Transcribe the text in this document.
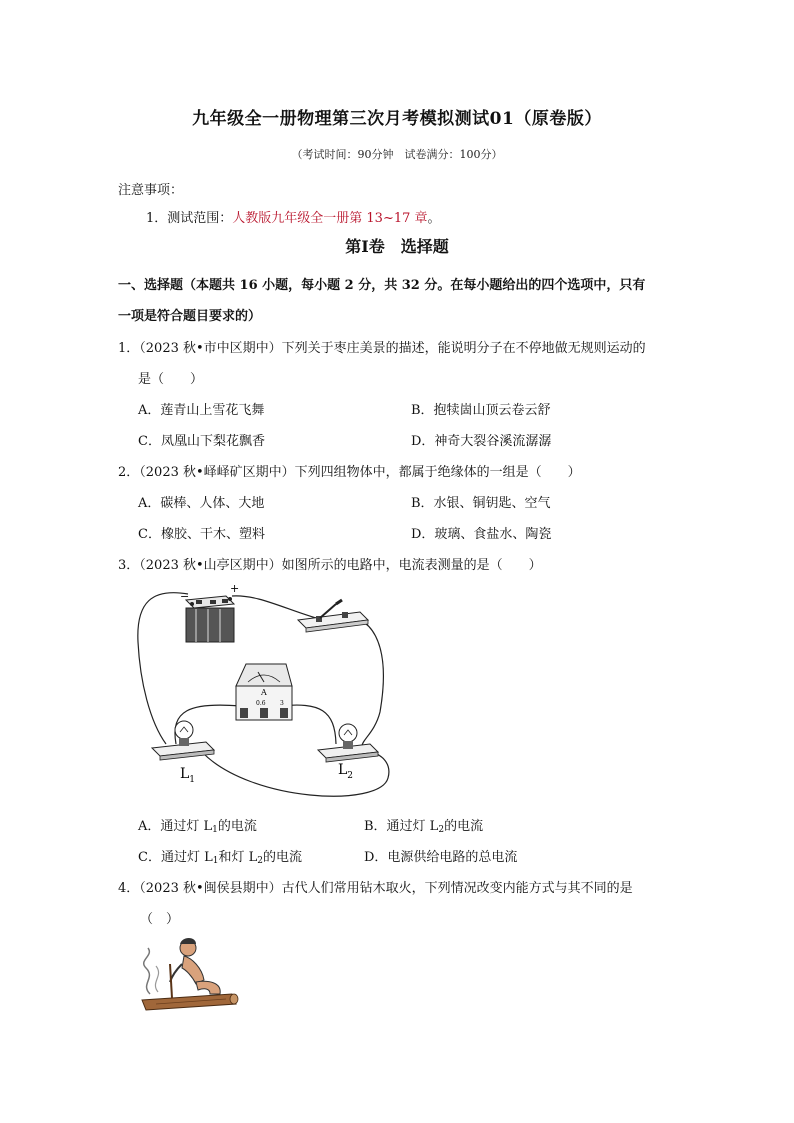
九年级全一册物理第三次月考模拟测试01（原卷版）
（考试时间：90分钟　试卷满分：100分）
注意事项：
1．测试范围：人教版九年级全一册第 13~17 章。
第Ⅰ卷　选择题
一、选择题（本题共 16 小题，每小题 2 分，共 32 分。在每小题给出的四个选项中，只有
一项是符合题目要求的）
1．（2023 秋•市中区期中）下列关于枣庄美景的描述，能说明分子在不停地做无规则运动的
是（　　）
A．莲青山上雪花飞舞	B．抱犊崮山顶云卷云舒
C．凤凰山下梨花飘香	D．神奇大裂谷溪流潺潺
2．（2023 秋•峄峄矿区期中）下列四组物体中，都属于绝缘体的一组是（　　）
A．碳棒、人体、大地	B．水银、铜钥匙、空气
C．橡胶、干木、塑料	D．玻璃、食盐水、陶瓷
3．（2023 秋•山亭区期中）如图所示的电路中，电流表测量的是（　　）
−
+
A
0.6 3
$L_1$
$L_2$
A．通过灯 $L_1$的电流	B．通过灯 $L_2$的电流
C．通过灯 $L_1$和灯 $L_2$的电流	D．电源供给电路的总电流
4．（2023 秋•闽侯县期中）古代人们常用钻木取火，下列情况改变内能方式与其不同的是
（　）
